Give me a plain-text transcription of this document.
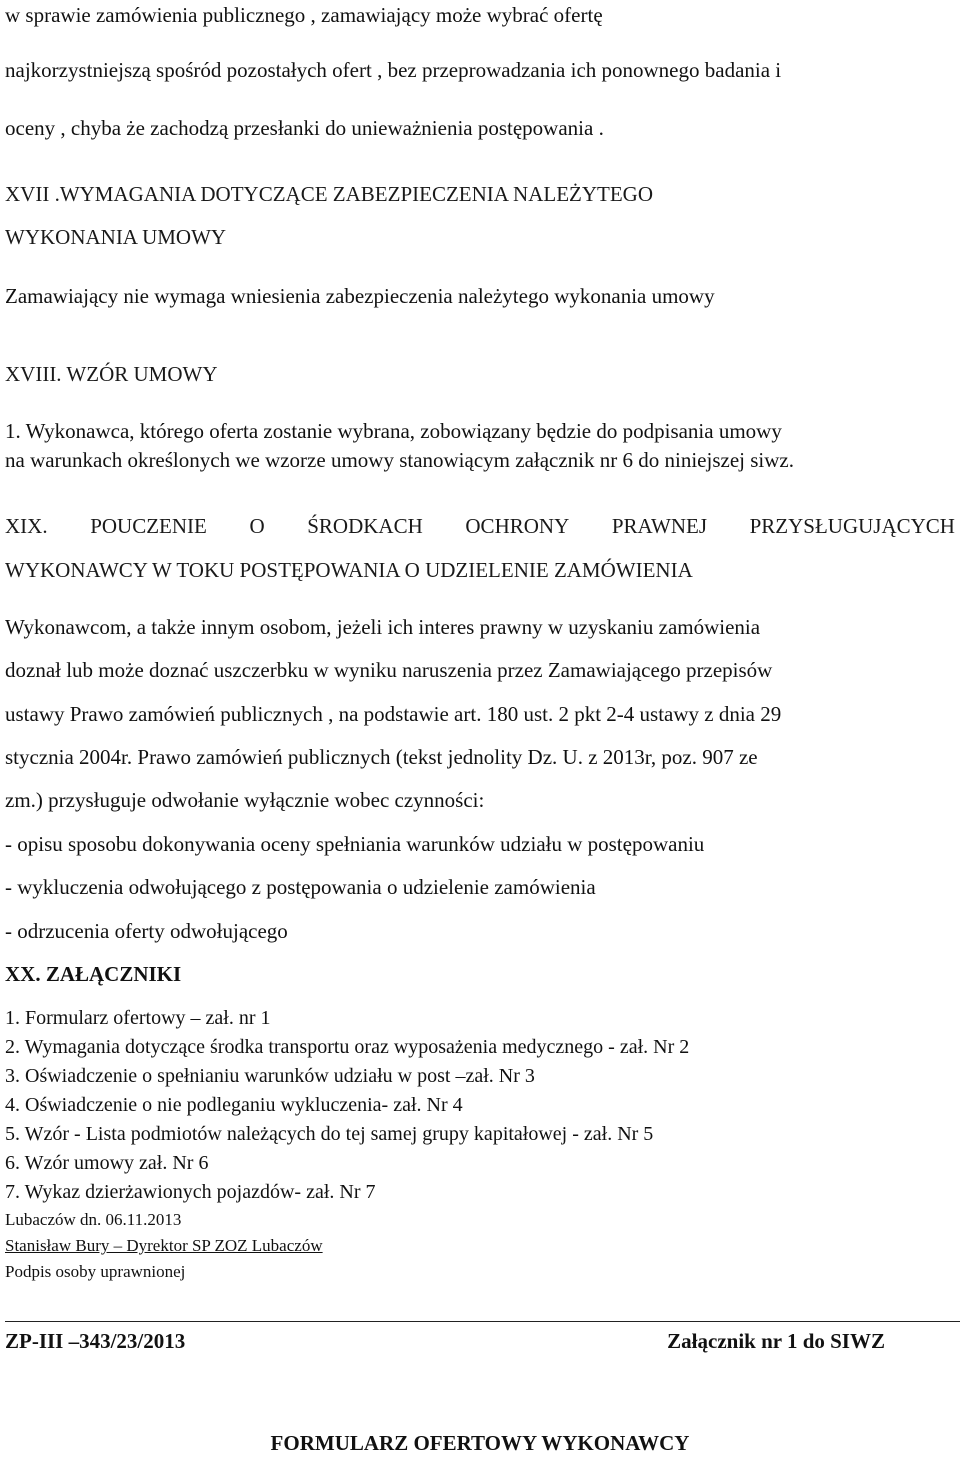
w sprawie zamówienia publicznego , zamawiający może wybrać ofertę
najkorzystniejszą spośród pozostałych ofert , bez przeprowadzania ich ponownego badania i
oceny , chyba że zachodzą przesłanki do unieważnienia postępowania .
XVII .WYMAGANIA DOTYCZĄCE ZABEZPIECZENIA NALEŻYTEGO
WYKONANIA UMOWY
Zamawiający nie wymaga wniesienia zabezpieczenia należytego wykonania umowy
XVIII. WZÓR UMOWY
1. Wykonawca, którego oferta zostanie wybrana, zobowiązany będzie do podpisania umowy
na warunkach określonych we wzorze umowy stanowiącym załącznik nr 6 do niniejszej siwz.
XIX. POUCZENIE O ŚRODKACH OCHRONY PRAWNEJ PRZYSŁUGUJĄCYCH
WYKONAWCY W TOKU POSTĘPOWANIA O UDZIELENIE ZAMÓWIENIA
Wykonawcom, a także innym osobom, jeżeli ich interes prawny w uzyskaniu zamówienia
doznał lub może doznać uszczerbku w wyniku naruszenia przez Zamawiającego przepisów
ustawy Prawo zamówień publicznych , na podstawie art. 180 ust. 2 pkt 2-4 ustawy z dnia 29
stycznia 2004r. Prawo zamówień publicznych (tekst jednolity Dz. U. z 2013r, poz. 907 ze
zm.) przysługuje odwołanie wyłącznie wobec czynności:
- opisu sposobu dokonywania oceny spełniania warunków udziału w postępowaniu
- wykluczenia odwołującego z postępowania o udzielenie zamówienia
- odrzucenia oferty odwołującego
XX. ZAŁĄCZNIKI
1. Formularz ofertowy – zał. nr 1
2. Wymagania dotyczące środka transportu oraz wyposażenia medycznego - zał. Nr 2
3. Oświadczenie o spełnianiu warunków udziału w post –zał. Nr 3
4. Oświadczenie o nie podleganiu wykluczenia- zał. Nr 4
5. Wzór - Lista podmiotów należących do tej samej grupy kapitałowej - zał. Nr 5
6. Wzór umowy zał. Nr 6
7. Wykaz dzierżawionych pojazdów- zał. Nr 7
Lubaczów dn. 06.11.2013
Stanisław Bury – Dyrektor SP ZOZ Lubaczów
Podpis osoby uprawnionej
ZP-III –343/23/2013	Załącznik nr 1 do SIWZ
FORMULARZ OFERTOWY WYKONAWCY
